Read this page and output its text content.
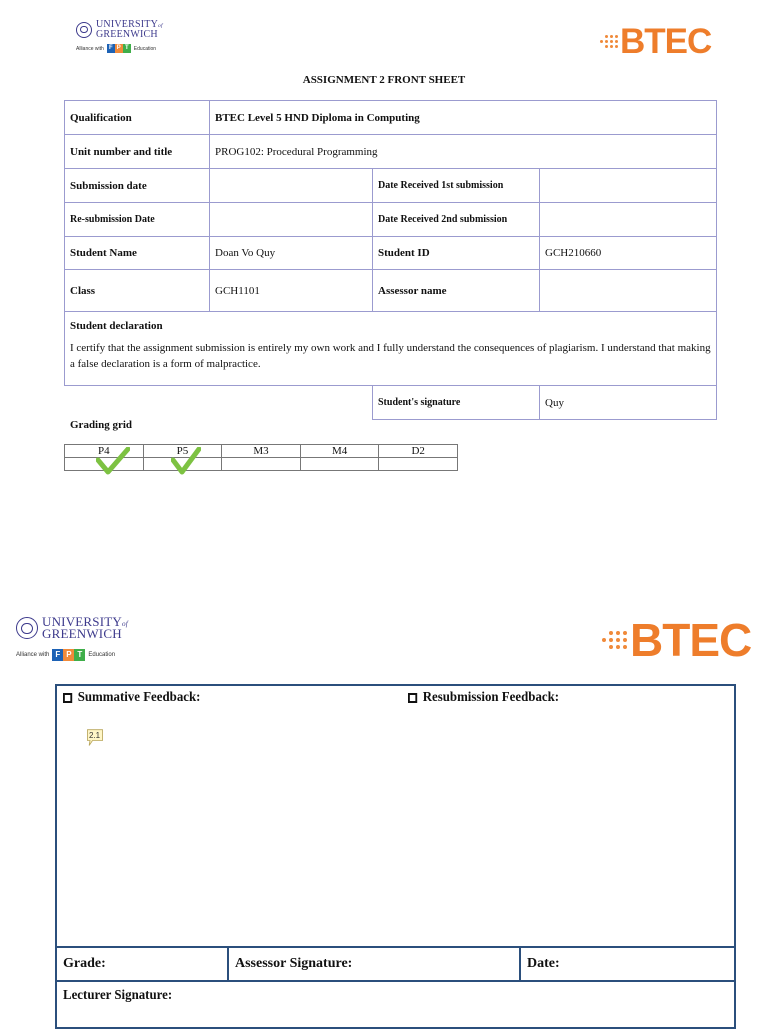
UNIVERSITYof
GREENWICH
Alliance with F P T	Education	BTEC
ASSIGNMENT 2 FRONT SHEET
Qualification	BTEC Level 5 HND Diploma in Computing		
Unit number and title	PROG102: Procedural Programming		
Submission date		Date Received 1st submission	
Re-submission Date		Date Received 2nd submission	
Student Name	Doan Vo Quy	Student ID	GCH210660
Class	GCH1101	Assessor name	

Student declaration
I certify that the assignment submission is entirely my own work and I fully understand the consequences of plagiarism. I understand that making a false declaration is a form of malpractice.			

		Student's signature	Quy
Grading grid
P4	P5	M3	M4	D2

UNIVERSITYof
GREENWICH
Alliance with F P T	Education	BTEC
Summative Feedback:	Resubmission Feedback:
2.1
Grade:	Assessor Signature:	Date:
Lecturer Signature:
